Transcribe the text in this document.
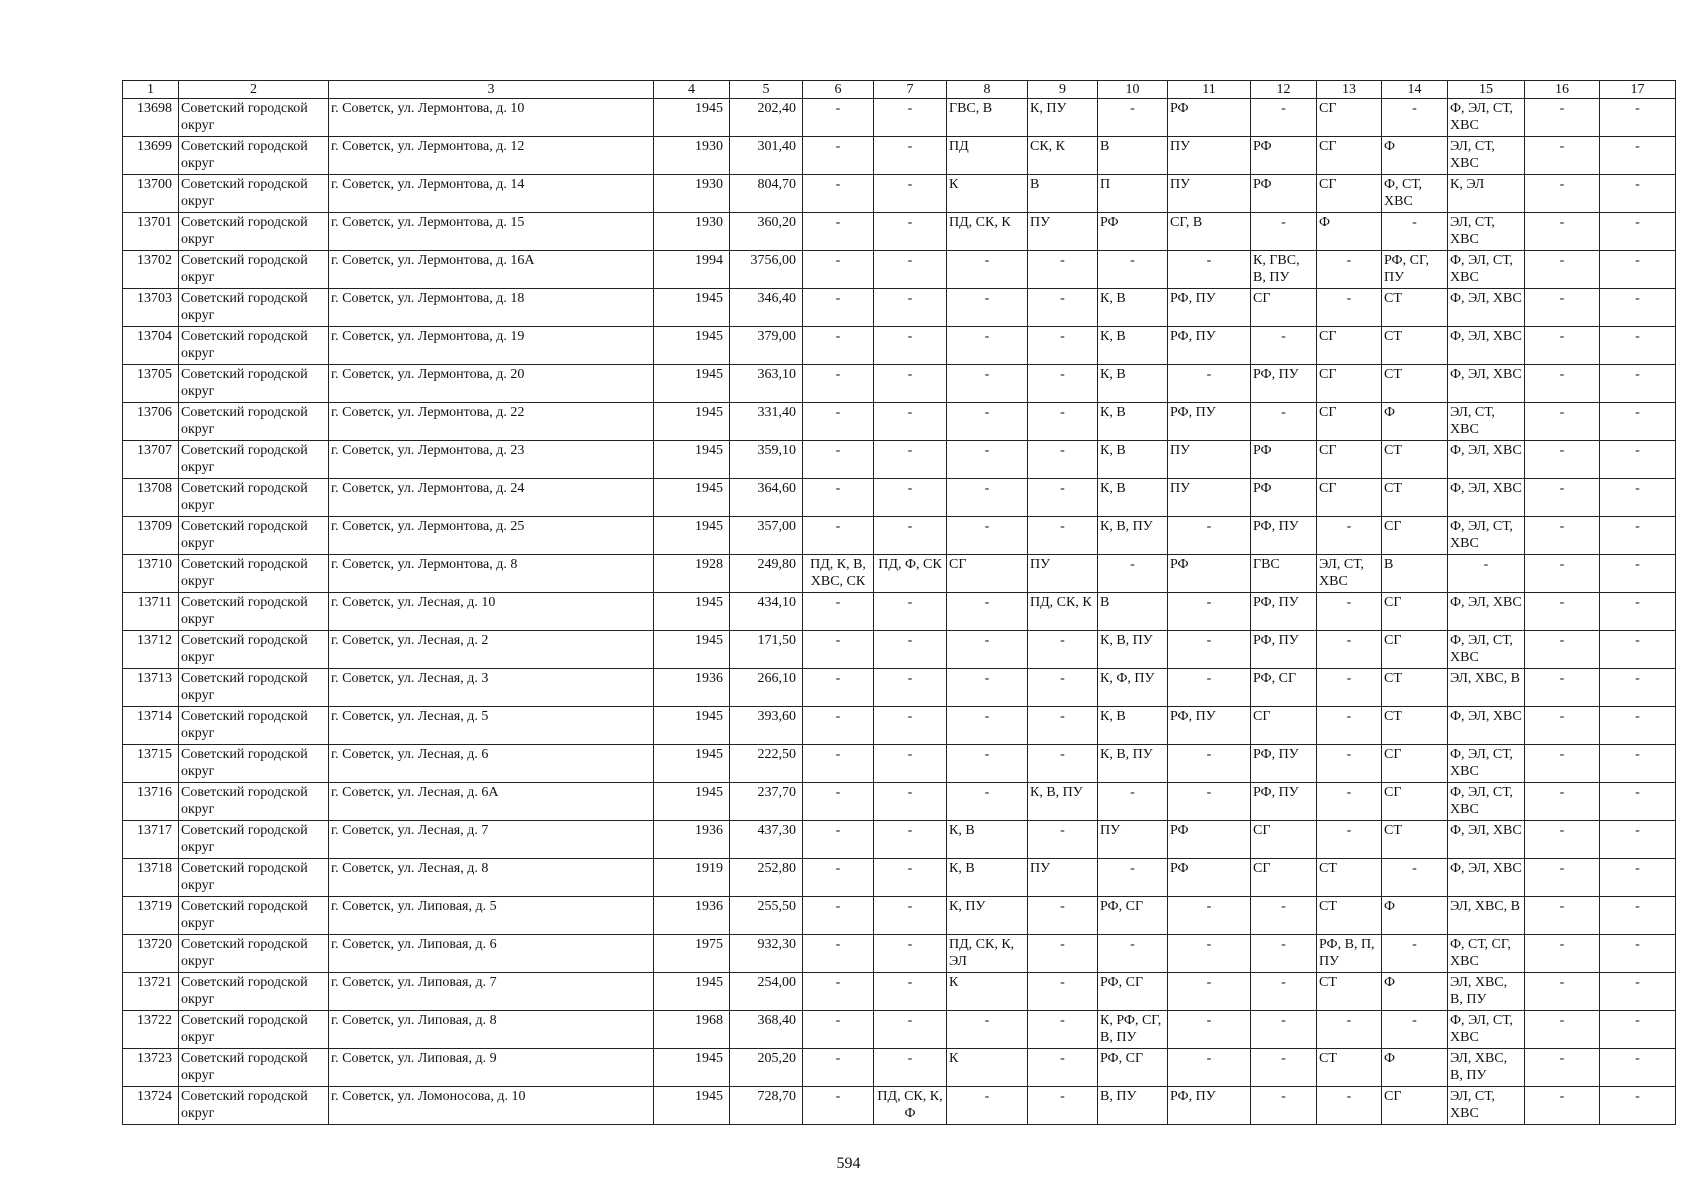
1	2	3	4	5	6	7	8	9	10	11	12	13	14	15	16	17
13698	Советский городской округ	г. Советск, ул. Лермонтова, д. 10	1945	202,40	-	-	ГВС, В	К, ПУ	-	РФ	-	СГ	-	Ф, ЭЛ, СТ, ХВС	-	-
13699	Советский городской округ	г. Советск, ул. Лермонтова, д. 12	1930	301,40	-	-	ПД	СК, К	В	ПУ	РФ	СГ	Ф	ЭЛ, СТ, ХВС	-	-
13700	Советский городской округ	г. Советск, ул. Лермонтова, д. 14	1930	804,70	-	-	К	В	П	ПУ	РФ	СГ	Ф, СТ, ХВС	К, ЭЛ	-	-
13701	Советский городской округ	г. Советск, ул. Лермонтова, д. 15	1930	360,20	-	-	ПД, СК, К	ПУ	РФ	СГ, В	-	Ф	-	ЭЛ, СТ, ХВС	-	-
13702	Советский городской округ	г. Советск, ул. Лермонтова, д. 16А	1994	3756,00	-	-	-	-	-	-	К, ГВС, В, ПУ	-	РФ, СГ, ПУ	Ф, ЭЛ, СТ, ХВС	-	-
13703	Советский городской округ	г. Советск, ул. Лермонтова, д. 18	1945	346,40	-	-	-	-	К, В	РФ, ПУ	СГ	-	СТ	Ф, ЭЛ, ХВС	-	-
13704	Советский городской округ	г. Советск, ул. Лермонтова, д. 19	1945	379,00	-	-	-	-	К, В	РФ, ПУ	-	СГ	СТ	Ф, ЭЛ, ХВС	-	-
13705	Советский городской округ	г. Советск, ул. Лермонтова, д. 20	1945	363,10	-	-	-	-	К, В	-	РФ, ПУ	СГ	СТ	Ф, ЭЛ, ХВС	-	-
13706	Советский городской округ	г. Советск, ул. Лермонтова, д. 22	1945	331,40	-	-	-	-	К, В	РФ, ПУ	-	СГ	Ф	ЭЛ, СТ, ХВС	-	-
13707	Советский городской округ	г. Советск, ул. Лермонтова, д. 23	1945	359,10	-	-	-	-	К, В	ПУ	РФ	СГ	СТ	Ф, ЭЛ, ХВС	-	-
13708	Советский городской округ	г. Советск, ул. Лермонтова, д. 24	1945	364,60	-	-	-	-	К, В	ПУ	РФ	СГ	СТ	Ф, ЭЛ, ХВС	-	-
13709	Советский городской округ	г. Советск, ул. Лермонтова, д. 25	1945	357,00	-	-	-	-	К, В, ПУ	-	РФ, ПУ	-	СГ	Ф, ЭЛ, СТ, ХВС	-	-
13710	Советский городской округ	г. Советск, ул. Лермонтова, д. 8	1928	249,80	ПД, К, В, ХВС, СК	ПД, Ф, СК	СГ	ПУ	-	РФ	ГВС	ЭЛ, СТ, ХВС	В	-	-	-
13711	Советский городской округ	г. Советск, ул. Лесная, д. 10	1945	434,10	-	-	-	ПД, СК, К	В	-	РФ, ПУ	-	СГ	Ф, ЭЛ, ХВС	-	-
13712	Советский городской округ	г. Советск, ул. Лесная, д. 2	1945	171,50	-	-	-	-	К, В, ПУ	-	РФ, ПУ	-	СГ	Ф, ЭЛ, СТ, ХВС	-	-
13713	Советский городской округ	г. Советск, ул. Лесная, д. 3	1936	266,10	-	-	-	-	К, Ф, ПУ	-	РФ, СГ	-	СТ	ЭЛ, ХВС, В	-	-
13714	Советский городской округ	г. Советск, ул. Лесная, д. 5	1945	393,60	-	-	-	-	К, В	РФ, ПУ	СГ	-	СТ	Ф, ЭЛ, ХВС	-	-
13715	Советский городской округ	г. Советск, ул. Лесная, д. 6	1945	222,50	-	-	-	-	К, В, ПУ	-	РФ, ПУ	-	СГ	Ф, ЭЛ, СТ, ХВС	-	-
13716	Советский городской округ	г. Советск, ул. Лесная, д. 6А	1945	237,70	-	-	-	К, В, ПУ	-	-	РФ, ПУ	-	СГ	Ф, ЭЛ, СТ, ХВС	-	-
13717	Советский городской округ	г. Советск, ул. Лесная, д. 7	1936	437,30	-	-	К, В	-	ПУ	РФ	СГ	-	СТ	Ф, ЭЛ, ХВС	-	-
13718	Советский городской округ	г. Советск, ул. Лесная, д. 8	1919	252,80	-	-	К, В	ПУ	-	РФ	СГ	СТ	-	Ф, ЭЛ, ХВС	-	-
13719	Советский городской округ	г. Советск, ул. Липовая, д. 5	1936	255,50	-	-	К, ПУ	-	РФ, СГ	-	-	СТ	Ф	ЭЛ, ХВС, В	-	-
13720	Советский городской округ	г. Советск, ул. Липовая, д. 6	1975	932,30	-	-	ПД, СК, К, ЭЛ	-	-	-	-	РФ, В, П, ПУ	-	Ф, СТ, СГ, ХВС	-	-
13721	Советский городской округ	г. Советск, ул. Липовая, д. 7	1945	254,00	-	-	К	-	РФ, СГ	-	-	СТ	Ф	ЭЛ, ХВС, В, ПУ	-	-
13722	Советский городской округ	г. Советск, ул. Липовая, д. 8	1968	368,40	-	-	-	-	К, РФ, СГ, В, ПУ	-	-	-	-	Ф, ЭЛ, СТ, ХВС	-	-
13723	Советский городской округ	г. Советск, ул. Липовая, д. 9	1945	205,20	-	-	К	-	РФ, СГ	-	-	СТ	Ф	ЭЛ, ХВС, В, ПУ	-	-
13724	Советский городской округ	г. Советск, ул. Ломоносова, д. 10	1945	728,70	-	ПД, СК, К, Ф	-	-	В, ПУ	РФ, ПУ	-	-	СГ	ЭЛ, СТ, ХВС	-	-
594
